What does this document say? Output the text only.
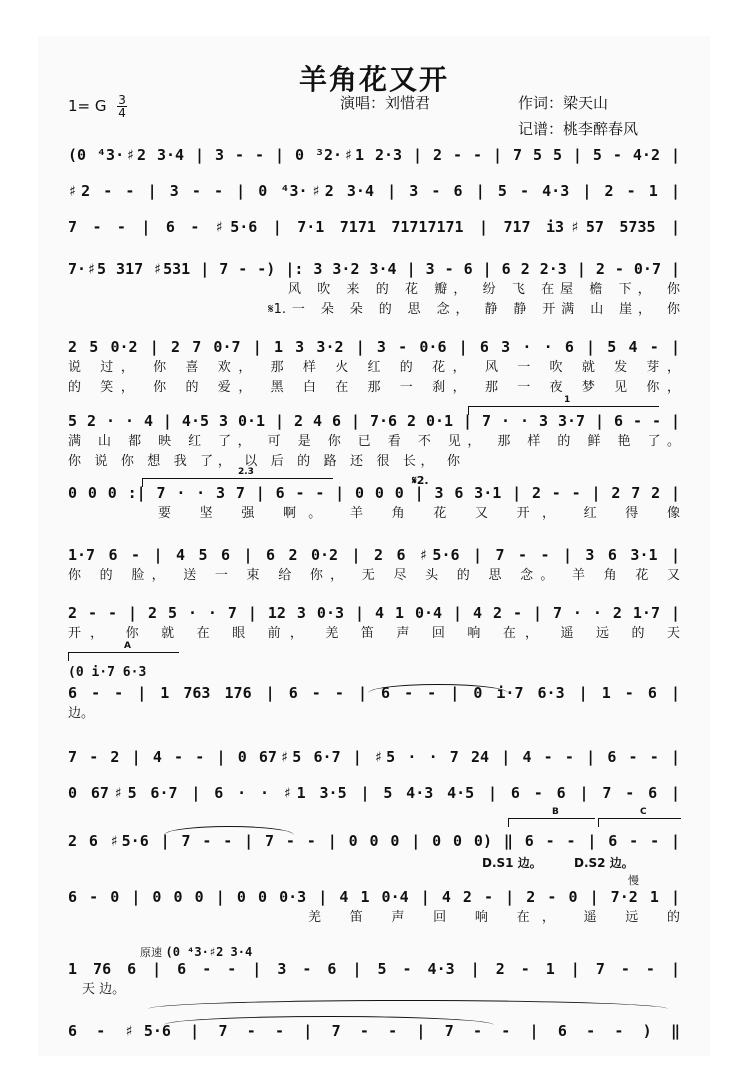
羊角花又开
1= G $\frac{3}{4}$	演唱：刘惜君	作词：梁天山
记谱：桃李醉春风
(0 ⁴3·♯2 3·4 | 3 - - | 0 ³2·♯1 2·3 | 2 - - | 7 5 5 | 5 - 4·2 |
♯2 - - | 3 - - | 0 ⁴3·♯2 3·4 | 3 - 6 | 5 - 4·3 | 2 - 1 |
7 - - | 6 - ♯5·6 | 7·1 7171 71717171 | 717 i3♯57 5735 |
7·♯5 317 ♯531 | 7 - -) |: 3 3·2 3·4 | 3 - 6 | 6 2 2·3 | 2 - 0·7 |
风 吹 来 的 花 瓣， 纷 飞 在屋 檐 下， 你
𝄋1.一 朵 朵 的 思 念， 静 静 开满 山 崖， 你
2 5 0·2 | 2 7 0·7 | 1 3 3·2 | 3 - 0·6 | 6 3 · · 6 | 5 4 - |
说 过， 你 喜 欢， 那 样 火 红 的 花， 风 一 吹 就 发 芽，
的 笑， 你 的 爱， 黑 白 在 那 一 刹， 那 一 夜 梦 见 你，
1
5 2 · · 4 | 4·5 3 0·1 | 2 4 6 | 7·6 2 0·1 | 7 · · 3 3·7 | 6 - - |
满 山 都 映 红 了， 可 是 你 已 看 不 见， 那 样 的 鲜 艳 了。
你 说 你 想 我 了， 以 后 的 路 还 很 长， 你
2.3
𝄋2.
0 0 0 :| 7 · · 3 7 | 6 - - | 0 0 0 | 3 6 3·1 | 2 - - | 2 7 2 |
要 坚 强 啊。 羊 角 花 又 开， 红 得 像
1·7 6 - | 4 5 6 | 6 2 0·2 | 2 6 ♯5·6 | 7 - - | 3 6 3·1 |
你 的 脸， 送 一 束 给 你， 无 尽 头 的 思 念。 羊 角 花 又
2 - - | 2 5 · · 7 | 12 3 0·3 | 4 1 0·4 | 4 2 - | 7 · · 2 1·7 |
开， 你 就 在 眼 前， 羌 笛 声 回 响 在， 遥 远 的 天
A
(0 i·7 6·3
6 - - | 1 763 176 | 6 - - | 6 - - | 0 i·7 6·3 | 1 - 6 |
边。
7 - 2 | 4 - - | 0 67♯5 6·7 | ♯5 · · 7 24 | 4 - - | 6 - - |
0 67♯5 6·7 | 6 · · ♯1 3·5 | 5 4·3 4·5 | 6 - 6 | 7 - 6 |
B	C
2 6 ♯5·6 | 7 - - | 7 - - | 0 0 0 | 0 0 0) ‖ 6 - - | 6 - - |
D.S1 边。	D.S2 边。
慢
6 - 0 | 0 0 0 | 0 0 0·3 | 4 1 0·4 | 4 2 - | 2 - 0 | 7·2 1 |
羌 笛 声 回 响 在， 遥 远 的
原速 (0 ⁴3·♯2 3·4
1 76 6 | 6 - - | 3 - 6 | 5 - 4·3 | 2 - 1 | 7 - - |
天 边。
6 - ♯5·6 | 7 - - | 7 - - | 7 - - | 6 - - ) ‖
